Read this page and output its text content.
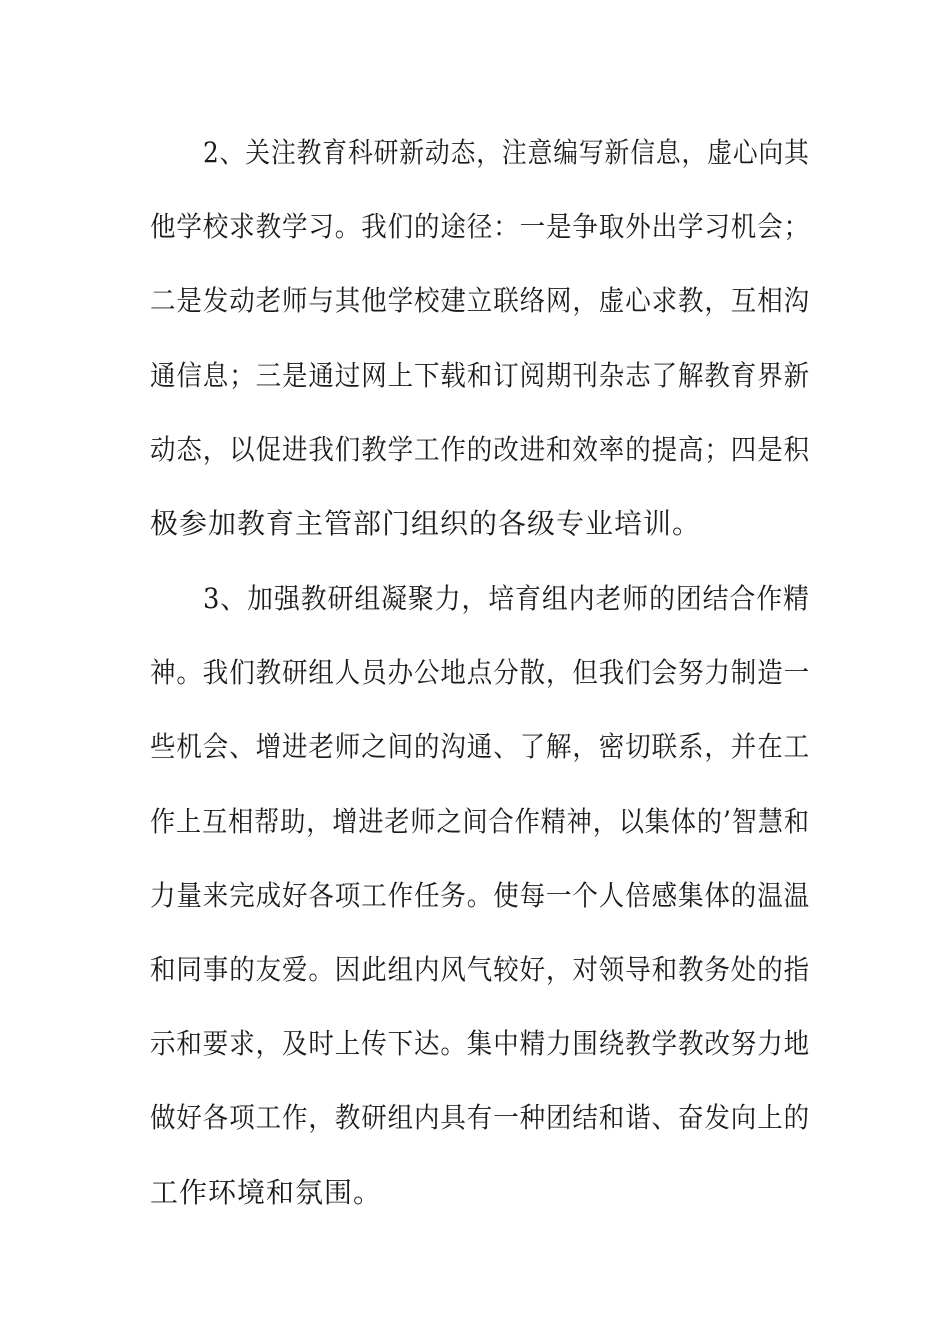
2、关注教育科研新动态，注意编写新信息，虚心向其
他学校求教学习。我们的途径：一是争取外出学习机会；
二是发动老师与其他学校建立联络网，虚心求教，互相沟
通信息；三是通过网上下载和订阅期刊杂志了解教育界新
动态，以促进我们教学工作的改进和效率的提高；四是积
极参加教育主管部门组织的各级专业培训。
3、加强教研组凝聚力，培育组内老师的团结合作精
神。我们教研组人员办公地点分散，但我们会努力制造一
些机会、增进老师之间的沟通、了解，密切联系，并在工
作上互相帮助，增进老师之间合作精神，以集体的’智慧和
力量来完成好各项工作任务。使每一个人倍感集体的温温
和同事的友爱。因此组内风气较好，对领导和教务处的指
示和要求，及时上传下达。集中精力围绕教学教改努力地
做好各项工作，教研组内具有一种团结和谐、奋发向上的
工作环境和氛围。
